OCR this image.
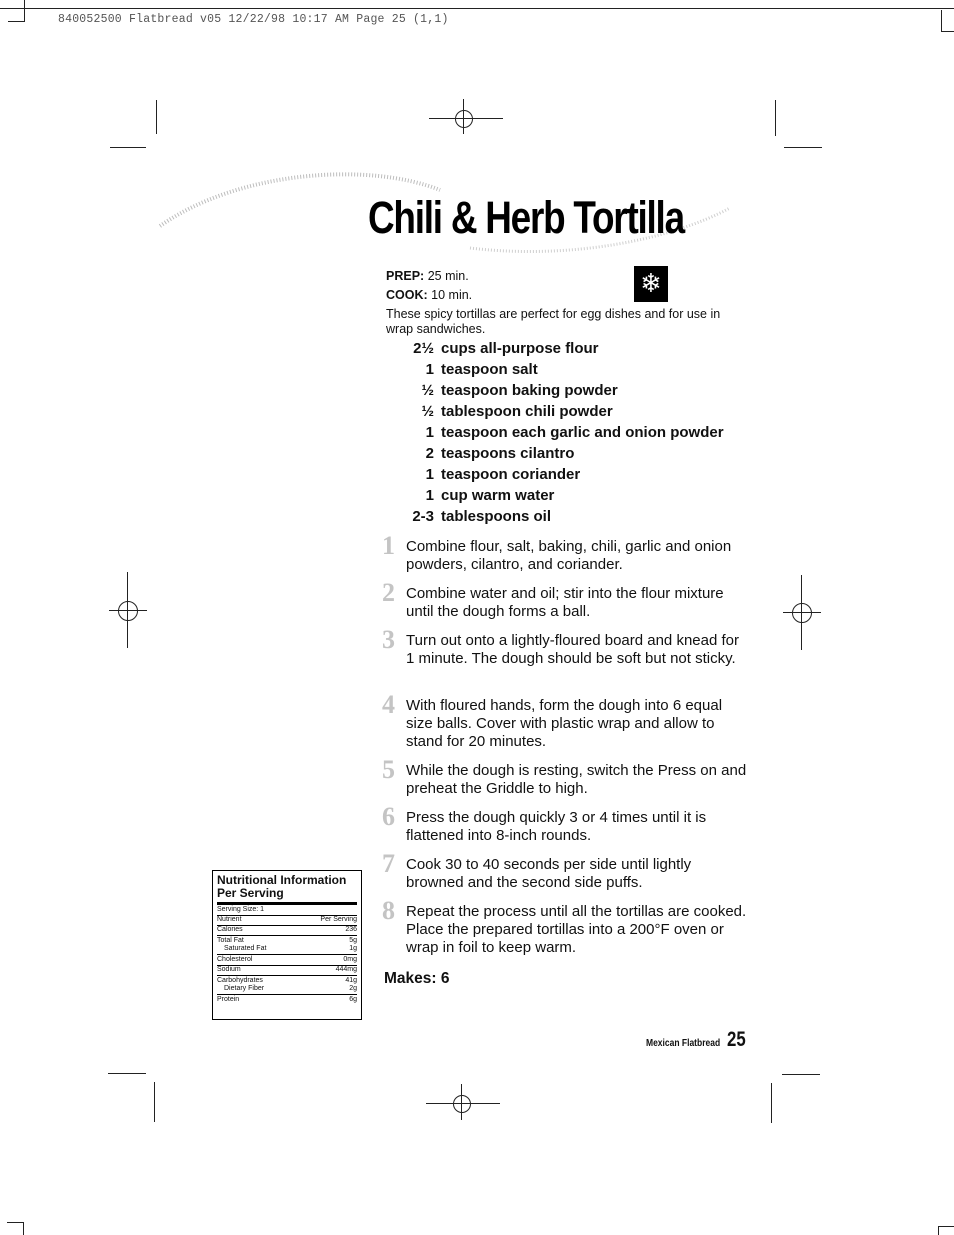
840052500 Flatbread v05 12/22/98 10:17 AM Page 25 (1,1)
Chili & Herb Tortilla
PREP: 25 min.
COOK: 10 min.	❄
These spicy tortillas are perfect for egg dishes and for use in wrap sandwiches.
2½ cups all-purpose flour
1 teaspoon salt
½ teaspoon baking powder
½ tablespoon chili powder
1 teaspoon each garlic and onion powder
2 teaspoons cilantro
1 teaspoon coriander
1 cup warm water
2-3 tablespoons oil
1 Combine flour, salt, baking, chili, garlic and onion powders, cilantro, and coriander.
2 Combine water and oil; stir into the flour mixture until the dough forms a ball.
3 Turn out onto a lightly-floured board and knead for 1 minute. The dough should be soft but not sticky.
4 With floured hands, form the dough into 6 equal size balls. Cover with plastic wrap and allow to stand for 20 minutes.
5 While the dough is resting, switch the Press on and preheat the Griddle to high.
6 Press the dough quickly 3 or 4 times until it is flattened into 8-inch rounds.
7 Cook 30 to 40 seconds per side until lightly browned and the second side puffs.
8 Repeat the process until all the tortillas are cooked. Place the prepared tortillas into a 200°F oven or wrap in foil to keep warm.
Makes: 6
Nutritional Information
Per Serving
Serving Size: 1
Nutrient	Per Serving
Calories	236
Total Fat	5g
Saturated Fat	1g
Cholesterol	0mg
Sodium	444mg
Carbohydrates	41g
Dietary Fiber	2g
Protein	6g
Mexican Flatbread 25
